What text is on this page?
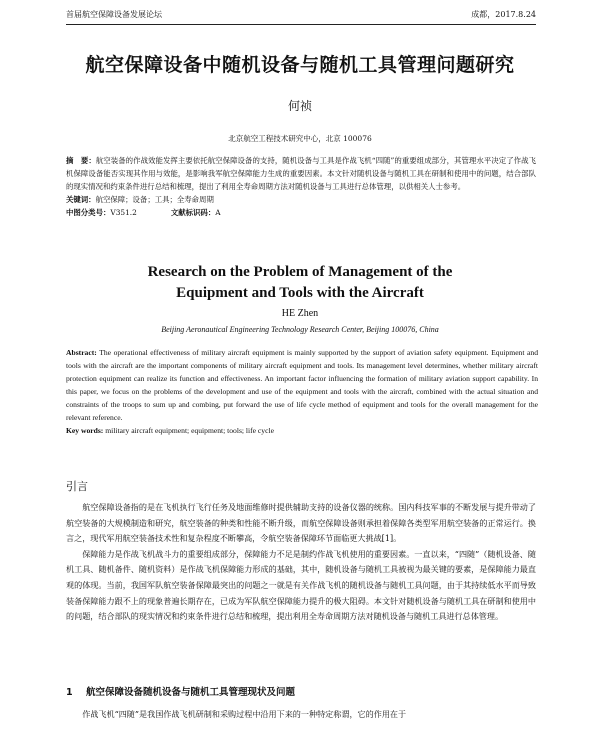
首届航空保障设备发展论坛	成都，2017.8.24
航空保障设备中随机设备与随机工具管理问题研究
何祯
北京航空工程技术研究中心，北京 100076

摘　要：航空装备的作战效能发挥主要依托航空保障设备的支持，随机设备与工具是作战飞机“四随”的重要组成部分，其管理水平决定了作战飞机保障设备能否实现其作用与效能，是影响我军航空保障能力生成的重要因素。本文针对随机设备与随机工具在研制和使用中的问题，结合部队的现实情况和约束条件进行总结和梳理，提出了利用全寿命周期方法对随机设备与工具进行总体管理，以供相关人士参考。

关键词：航空保障；设备；工具；全寿命周期

中图分类号：V351.2	文献标识码：A

Research on the Problem of Management of the
Equipment and Tools with the Aircraft
HE Zhen
Beijing Aeronautical Engineering Technology Research Center, Beijing 100076, China

Abstract: The operational effectiveness of military aircraft equipment is mainly supported by the support of aviation safety equipment. Equipment and tools with the aircraft are the important components of military aircraft equipment and tools. Its management level determines, whether military aircraft protection equipment can realize its function and effectiveness. An important factor influencing the formation of military aviation support capability. In this paper, we focus on the problems of the development and use of the equipment and tools with the aircraft, combined with the actual situation and constraints of the troops to sum up and combing, put forward the use of life cycle method of equipment and tools for the overall management for the relevant reference.

Key words: military aircraft equipment; equipment; tools; life cycle

引言

航空保障设备指的是在飞机执行飞行任务及地面维修时提供辅助支持的设备仪器的统称。国内科技军事的不断发展与提升带动了航空装备的大规模制造和研究，航空装备的种类和性能不断升级，而航空保障设备则承担着保障各类型军用航空装备的正常运行。换言之，现代军用航空装备技术性和复杂程度不断攀高，令航空装备保障环节面临更大挑战[1]。

保障能力是作战飞机战斗力的重要组成部分，保障能力不足是制约作战飞机使用的重要因素。一直以来，“四随”（随机设备、随机工具、随机备件、随机资料）是作战飞机保障能力形成的基础，其中，随机设备与随机工具被视为最关键的要素，是保障能力最直观的体现。当前，我国军队航空装备保障最突出的问题之一就是有关作战飞机的随机设备与随机工具问题，由于其持续低水平而导致装备保障能力跟不上的现象普遍长期存在，已成为军队航空保障能力提升的极大阻碍。本文针对随机设备与随机工具在研制和使用中的问题，结合部队的现实情况和约束条件进行总结和梳理，提出利用全寿命周期方法对随机设备与随机工具进行总体管理。

1 航空保障设备随机设备与随机工具管理现状及问题
作战飞机“四随”是我国作战飞机研制和采购过程中沿用下来的一种特定称谓，它的作用在于
